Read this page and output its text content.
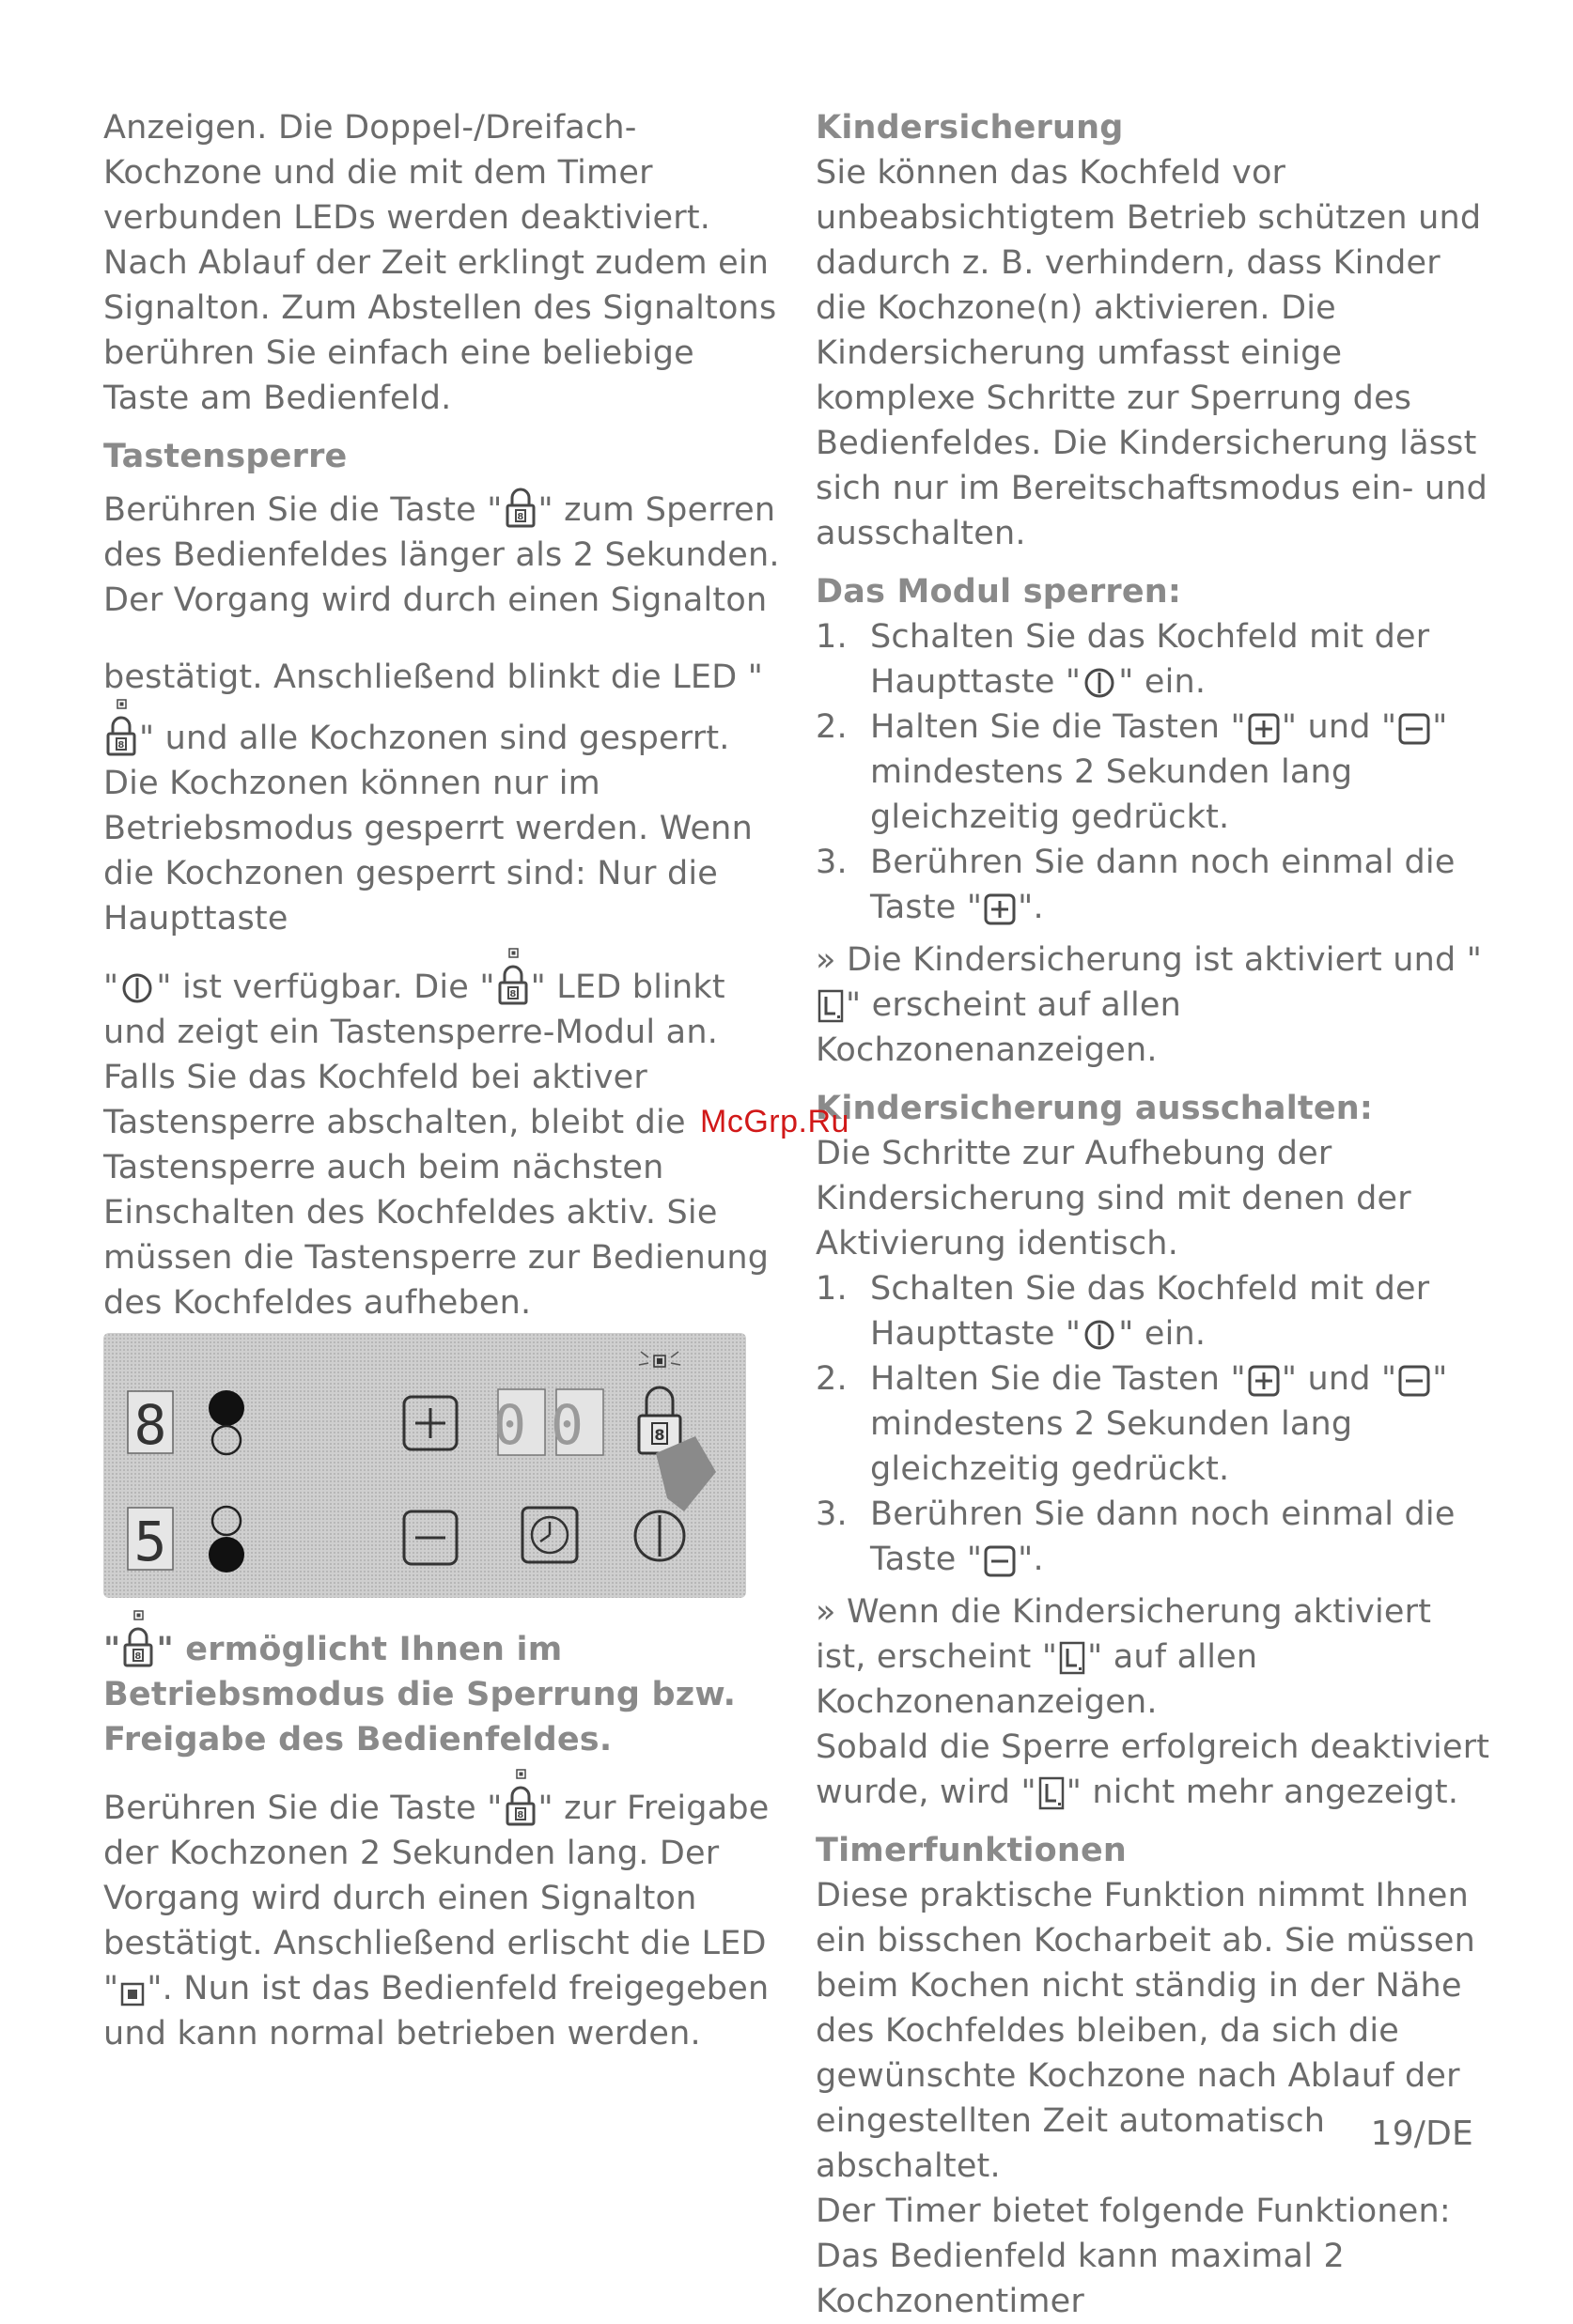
Anzeigen. Die Doppel-/Dreifach-Kochzone und die mit dem Timer verbunden LEDs werden deaktiviert.

Nach Ablauf der Zeit erklingt zudem ein Signalton. Zum Abstellen des Signaltons berühren Sie einfach eine beliebige Taste am Bedienfeld.

Tastensperre

Berühren Sie die Taste " 8 " zum Sperren des Bedienfeldes länger als 2 Sekunden. Der Vorgang wird durch einen Signalton

bestätigt. Anschließend blinkt die LED "
8 " und alle Kochzonen sind gesperrt.

Die Kochzonen können nur im Betriebsmodus gesperrt werden. Wenn die Kochzonen gesperrt sind: Nur die Haupttaste

" " ist verfügbar. Die " 8 " LED blinkt und zeigt ein Tastensperre-Modul an. Falls Sie das Kochfeld bei aktiver Tastensperre abschalten, bleibt die Tastensperre auch beim nächsten Einschalten des Kochfeldes aktiv. Sie müssen die Tastensperre zur Bedienung des Kochfeldes aufheben.

8
5
00	8

" 8 " ermöglicht Ihnen im Betriebsmodus die Sperrung bzw. Freigabe des Bedienfeldes.

Berühren Sie die Taste " 8 " zur Freigabe der Kochzonen 2 Sekunden lang. Der Vorgang wird durch einen Signalton bestätigt. Anschließend erlischt die LED " ". Nun ist das Bedienfeld freigegeben und kann normal betrieben werden.

Kindersicherung

Sie können das Kochfeld vor unbeabsichtigtem Betrieb schützen und dadurch z. B. verhindern, dass Kinder die Kochzone(n) aktivieren. Die Kindersicherung umfasst einige komplexe Schritte zur Sperrung des Bedienfeldes. Die Kindersicherung lässt sich nur im Bereitschaftsmodus ein- und ausschalten.

Das Modul sperren:

1. Schalten Sie das Kochfeld mit der Haupttaste " " ein.
2. Halten Sie die Tasten " " und " " mindestens 2 Sekunden lang gleichzeitig gedrückt.
3. Berühren Sie dann noch einmal die Taste " ".

» Die Kindersicherung ist aktiviert und "
" erscheint auf allen Kochzonenanzeigen.

Kindersicherung ausschalten:

Die Schritte zur Aufhebung der Kindersicherung sind mit denen der Aktivierung identisch.

1. Schalten Sie das Kochfeld mit der Haupttaste " " ein.
2. Halten Sie die Tasten " " und " " mindestens 2 Sekunden lang gleichzeitig gedrückt.
3. Berühren Sie dann noch einmal die Taste " ".

» Wenn die Kindersicherung aktiviert ist, erscheint " " auf allen Kochzonenanzeigen.

Sobald die Sperre erfolgreich deaktiviert wurde, wird " " nicht mehr angezeigt.

Timerfunktionen

Diese praktische Funktion nimmt Ihnen ein bisschen Kocharbeit ab. Sie müssen beim Kochen nicht ständig in der Nähe des Kochfeldes bleiben, da sich die gewünschte Kochzone nach Ablauf der eingestellten Zeit automatisch abschaltet.

Der Timer bietet folgende Funktionen: Das Bedienfeld kann maximal 2 Kochzonentimer

McGrp.Ru
19/DE
